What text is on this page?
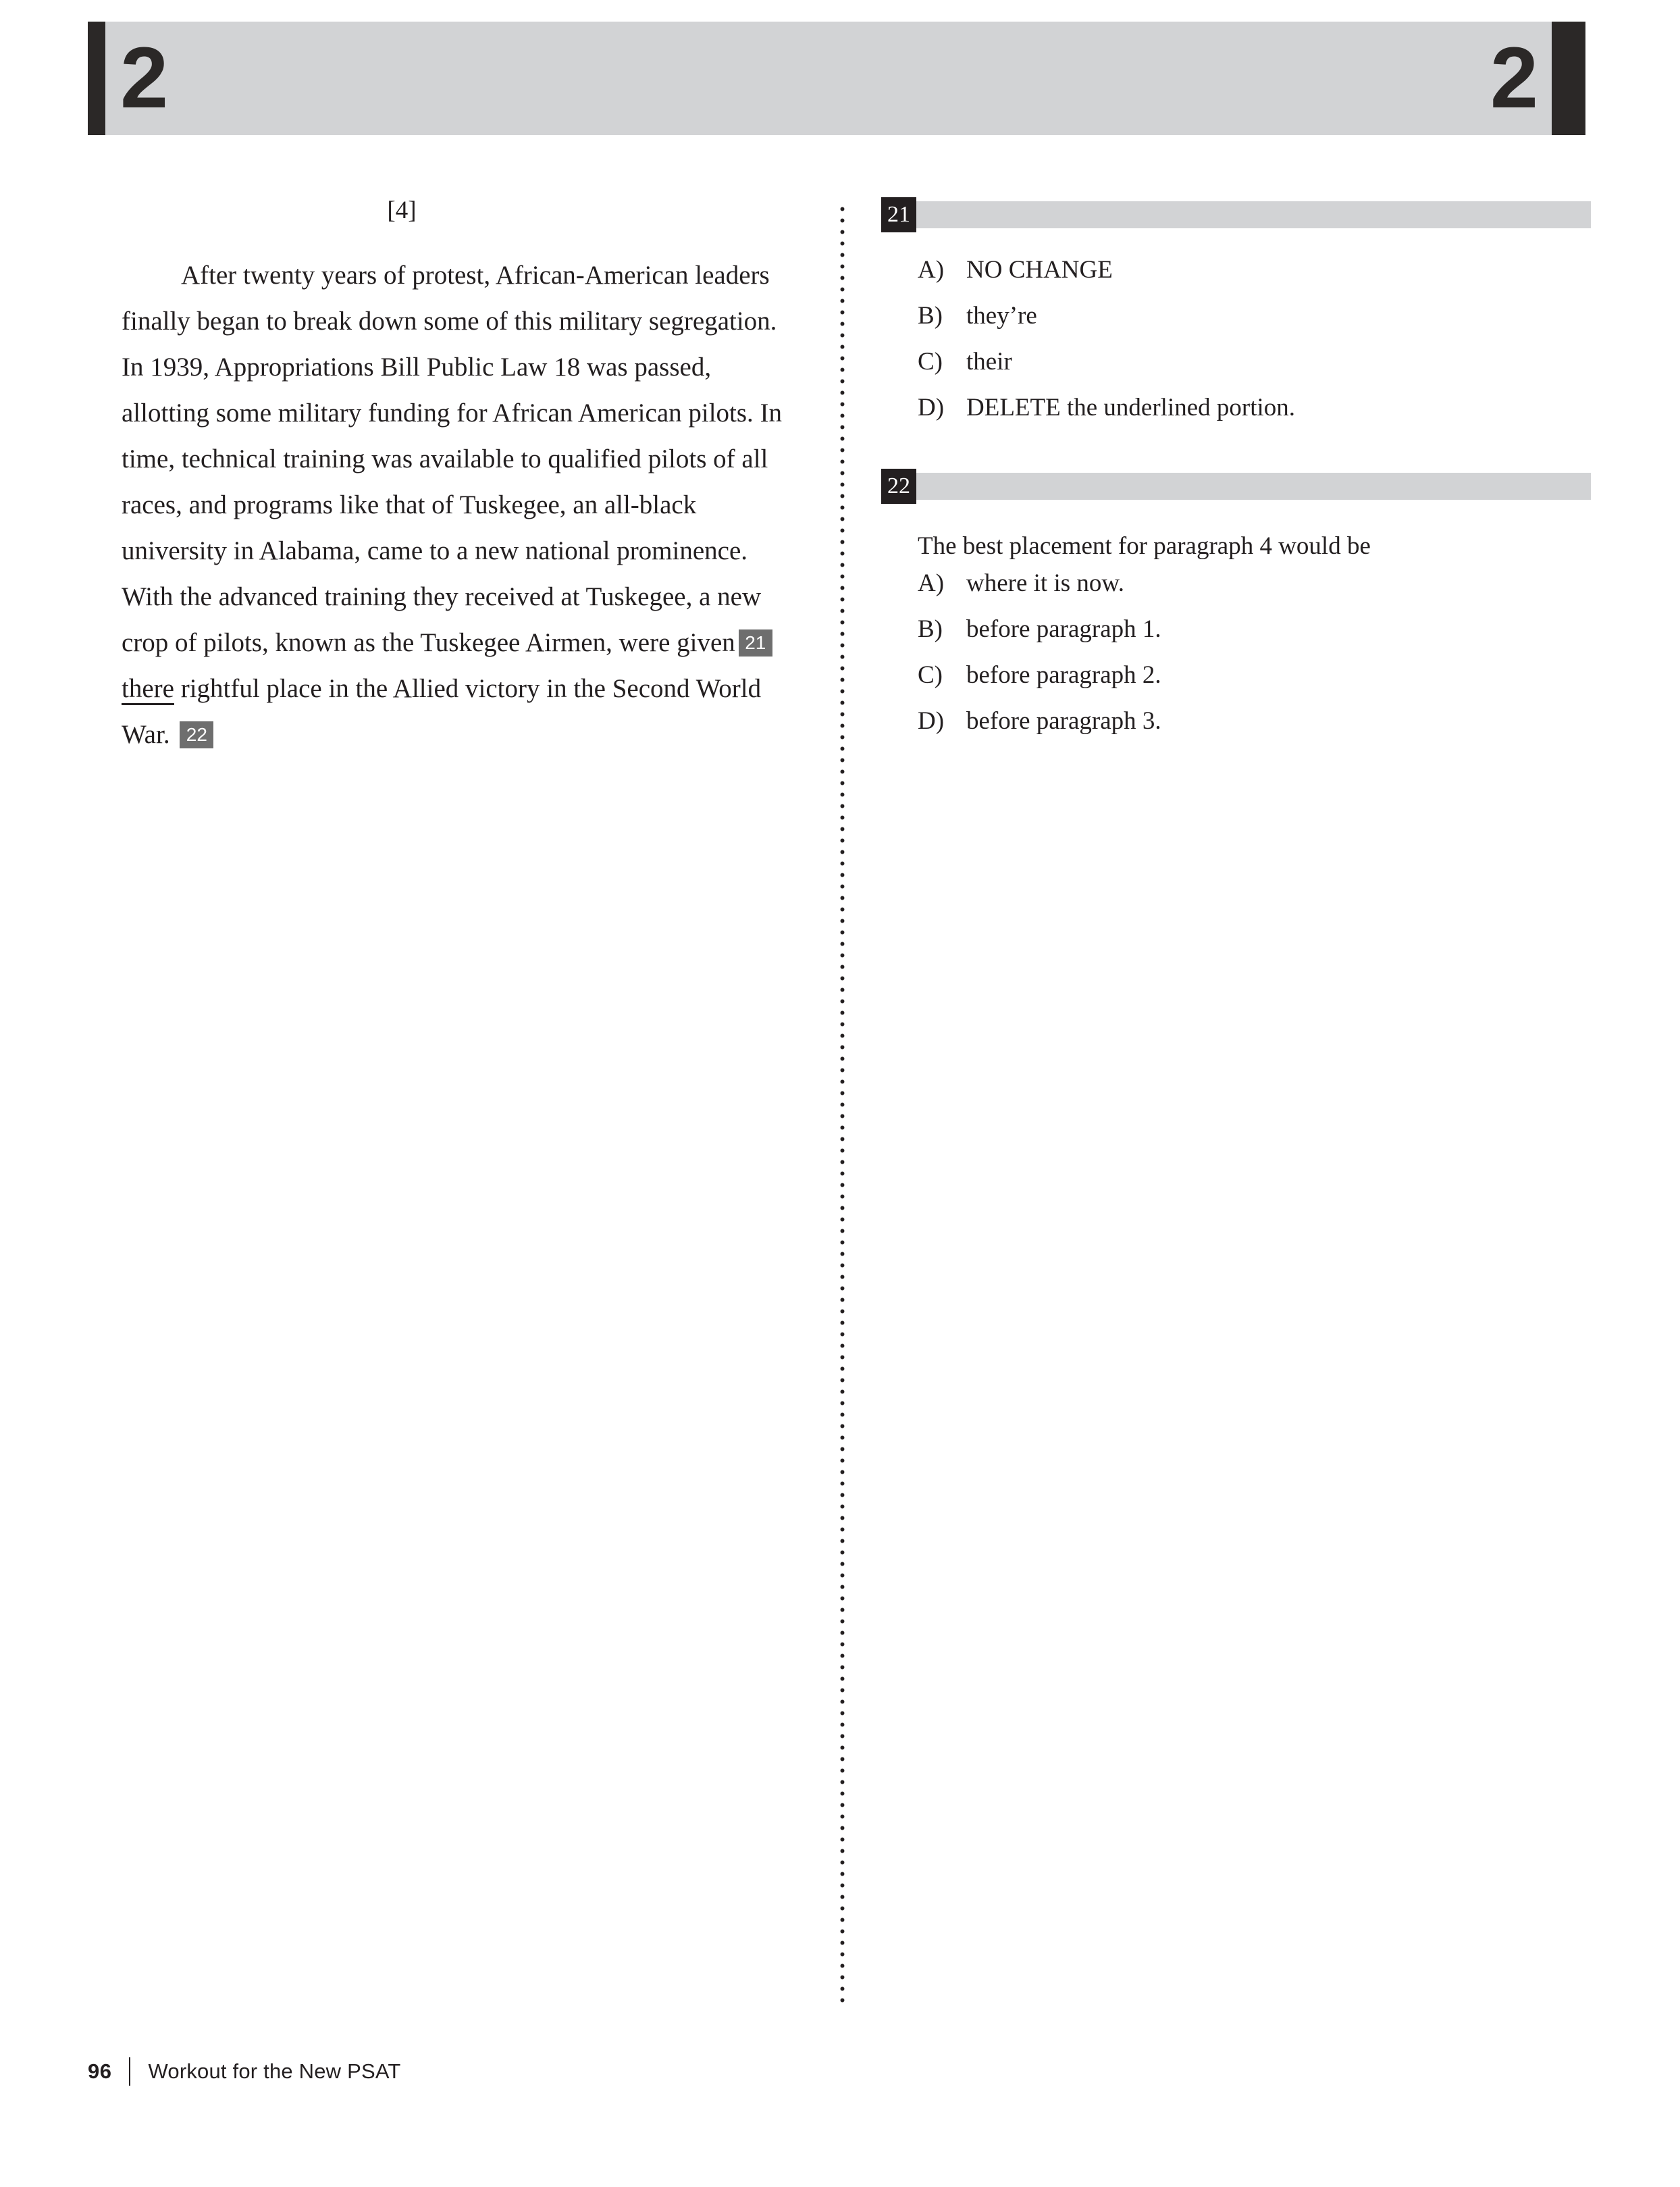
2	2
[4]

After twenty years of protest, African-American leaders finally began to break down some of this military segregation. In 1939, Appropriations Bill Public Law 18 was passed, allotting some military funding for African American pilots. In time, technical training was available to qualified pilots of all races, and programs like that of Tuskegee, an all-black university in Alabama, came to a new national prominence. With the advanced training they received at Tuskegee, a new crop of pilots, known as the Tuskegee Airmen, were given 21there rightful place in the Allied victory in the Second World War. 22

21
A) NO CHANGE
B) they’re
C) their
D) DELETE the underlined portion.
22
The best placement for paragraph 4 would be
A) where it is now.
B) before paragraph 1.
C) before paragraph 2.
D) before paragraph 3.
96 Workout for the New PSAT
